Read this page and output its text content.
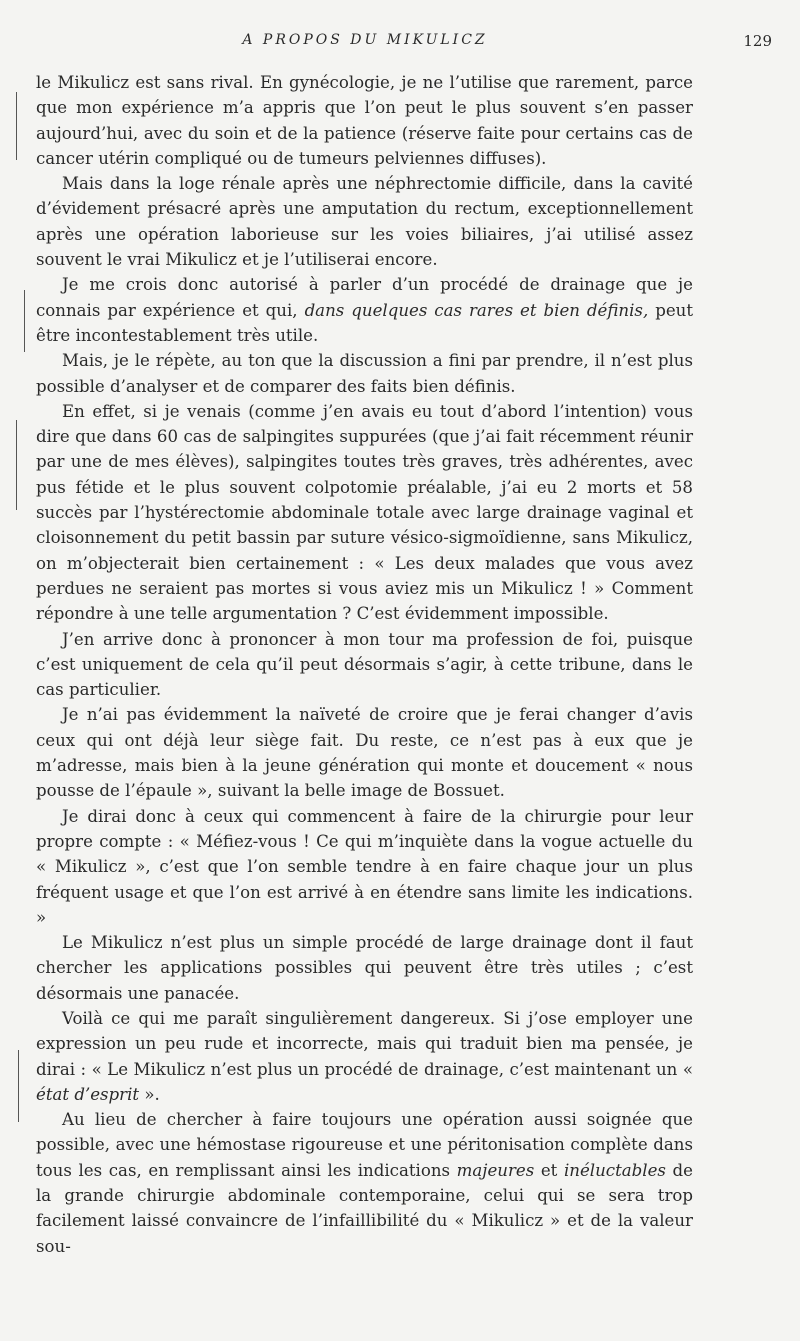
A PROPOS DU MIKULICZ	129

le Mikulicz est sans rival. En gynécologie, je ne l’utilise que rarement, parce que mon expérience m’a appris que l’on peut le plus souvent s’en passer aujourd’hui, avec du soin et de la patience (réserve faite pour certains cas de cancer utérin compliqué ou de tumeurs pelviennes diffuses).

Mais dans la loge rénale après une néphrectomie difficile, dans la cavité d’évidement présacré après une amputation du rectum, exceptionnellement après une opération laborieuse sur les voies biliaires, j’ai utilisé assez souvent le vrai Mikulicz et je l’utiliserai encore.

Je me crois donc autorisé à parler d’un procédé de drainage que je connais par expérience et qui, dans quelques cas rares et bien définis, peut être incontestablement très utile.

Mais, je le répète, au ton que la discussion a fini par prendre, il n’est plus possible d’analyser et de comparer des faits bien définis.

En effet, si je venais (comme j’en avais eu tout d’abord l’intention) vous dire que dans 60 cas de salpingites suppurées (que j’ai fait récemment réunir par une de mes élèves), salpingites toutes très graves, très adhérentes, avec pus fétide et le plus souvent colpotomie préalable, j’ai eu 2 morts et 58 succès par l’hystérectomie abdominale totale avec large drainage vaginal et cloisonnement du petit bassin par suture vésico-sigmoïdienne, sans Mikulicz, on m’objecterait bien certainement : « Les deux malades que vous avez perdues ne seraient pas mortes si vous aviez mis un Mikulicz ! » Comment répondre à une telle argumentation ? C’est évidemment impossible.

J’en arrive donc à prononcer à mon tour ma profession de foi, puisque c’est uniquement de cela qu’il peut désormais s’agir, à cette tribune, dans le cas particulier.

Je n’ai pas évidemment la naïveté de croire que je ferai changer d’avis ceux qui ont déjà leur siège fait. Du reste, ce n’est pas à eux que je m’adresse, mais bien à la jeune génération qui monte et doucement « nous pousse de l’épaule », suivant la belle image de Bossuet.

Je dirai donc à ceux qui commencent à faire de la chirurgie pour leur propre compte : « Méfiez-vous ! Ce qui m’inquiète dans la vogue actuelle du « Mikulicz », c’est que l’on semble tendre à en faire chaque jour un plus fréquent usage et que l’on est arrivé à en étendre sans limite les indications. »

Le Mikulicz n’est plus un simple procédé de large drainage dont il faut chercher les applications possibles qui peuvent être très utiles ; c’est désormais une panacée.

Voilà ce qui me paraît singulièrement dangereux. Si j’ose employer une expression un peu rude et incorrecte, mais qui traduit bien ma pensée, je dirai : « Le Mikulicz n’est plus un procédé de drainage, c’est maintenant un « état d’esprit ».

Au lieu de chercher à faire toujours une opération aussi soignée que possible, avec une hémostase rigoureuse et une péritonisation complète dans tous les cas, en remplissant ainsi les indications majeures et inéluctables de la grande chirurgie abdominale contemporaine, celui qui se sera trop facilement laissé convaincre de l’infaillibilité du « Mikulicz » et de la valeur sou-
